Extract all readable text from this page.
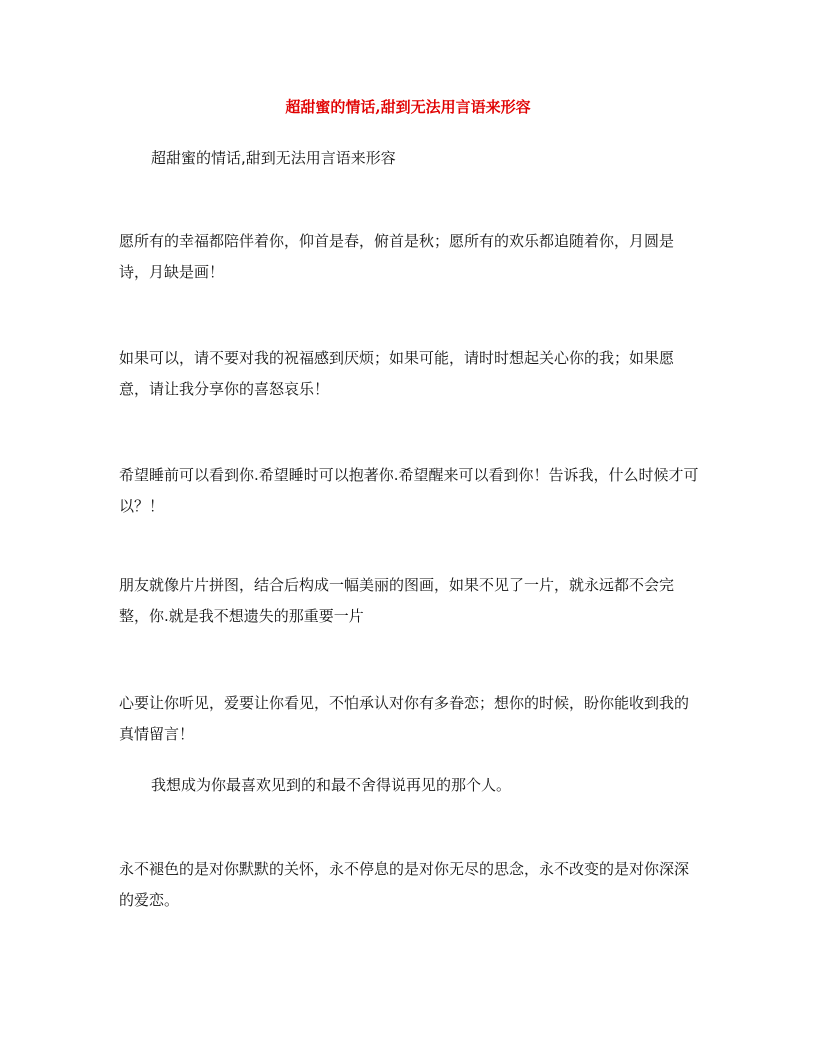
超甜蜜的情话,甜到无法用言语来形容

超甜蜜的情话,甜到无法用言语来形容

愿所有的幸福都陪伴着你，仰首是春，俯首是秋；愿所有的欢乐都追随着你，月圆是诗，月缺是画！

如果可以，请不要对我的祝福感到厌烦；如果可能，请时时想起关心你的我；如果愿意，请让我分享你的喜怒哀乐！

希望睡前可以看到你.希望睡时可以抱著你.希望醒来可以看到你！告诉我，什么时候才可以？！

朋友就像片片拼图，结合后构成一幅美丽的图画，如果不见了一片，就永远都不会完整，你.就是我不想遗失的那重要一片

心要让你听见，爱要让你看见，不怕承认对你有多眷恋；想你的时候，盼你能收到我的真情留言！

我想成为你最喜欢见到的和最不舍得说再见的那个人。

永不褪色的是对你默默的关怀，永不停息的是对你无尽的思念，永不改变的是对你深深的爱恋。
